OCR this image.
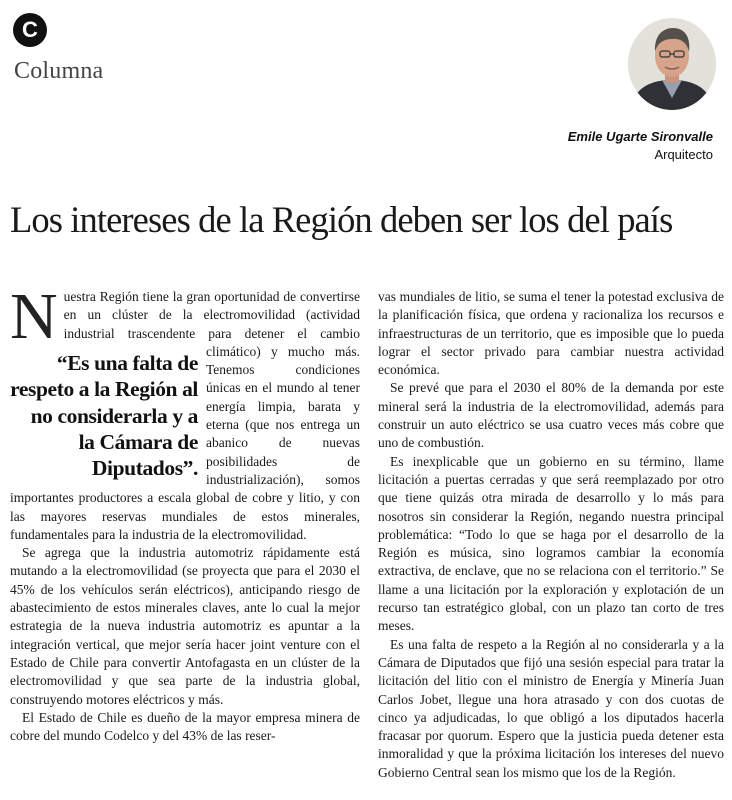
C
Columna
Emile Ugarte Sironvalle
Arquitecto
Los intereses de la Región deben ser los del país
N
“Es una falta de respeto a la Región al no considerarla y a la Cámara de Diputados”.

uestra Región tiene la gran oportunidad de convertirse en un clúster de la electromovilidad (actividad industrial trascendente para detener el cambio climático) y mucho más. Tenemos condiciones únicas en el mundo al tener energía limpia, barata y eterna (que nos entrega un abanico de nuevas posibilidades de industrialización), somos importantes productores a escala global de cobre y litio, y con las mayores reservas mundiales de estos minerales, fundamentales para la industria de la electromovilidad.

Se agrega que la industria automotriz rápidamente está mutando a la electromovilidad (se proyecta que para el 2030 el 45% de los vehículos serán eléctricos), anticipando riesgo de abastecimiento de estos minerales claves, ante lo cual la mejor estrategia de la nueva industria automotriz es apuntar a la integración vertical, que mejor sería hacer joint venture con el Estado de Chile para convertir Antofagasta en un clúster de la electromovilidad y que sea parte de la industria global, construyendo motores eléctricos y más.

El Estado de Chile es dueño de la mayor empresa minera de cobre del mundo Codelco y del 43% de las reser-

vas mundiales de litio, se suma el tener la potestad exclusiva de la planificación física, que ordena y racionaliza los recursos e infraestructuras de un territorio, que es imposible que lo pueda lograr el sector privado para cambiar nuestra actividad económica.

Se prevé que para el 2030 el 80% de la demanda por este mineral será la industria de la electromovilidad, además para construir un auto eléctrico se usa cuatro veces más cobre que uno de combustión.

Es inexplicable que un gobierno en su término, llame licitación a puertas cerradas y que será reemplazado por otro que tiene quizás otra mirada de desarrollo y lo más para nosotros sin considerar la Región, negando nuestra principal problemática: “Todo lo que se haga por el desarrollo de la Región es música, sino logramos cambiar la economía extractiva, de enclave, que no se relaciona con el territorio.” Se llame a una licitación por la exploración y explotación de un recurso tan estratégico global, con un plazo tan corto de tres meses.

Es una falta de respeto a la Región al no considerarla y a la Cámara de Diputados que fijó una sesión especial para tratar la licitación del litio con el ministro de Energía y Minería Juan Carlos Jobet, llegue una hora atrasado y con dos cuotas de cinco ya adjudicadas, lo que obligó a los diputados hacerla fracasar por quorum. Espero que la justicia pueda detener esta inmoralidad y que la próxima licitación los intereses del nuevo Gobierno Central sean los mismo que los de la Región.
